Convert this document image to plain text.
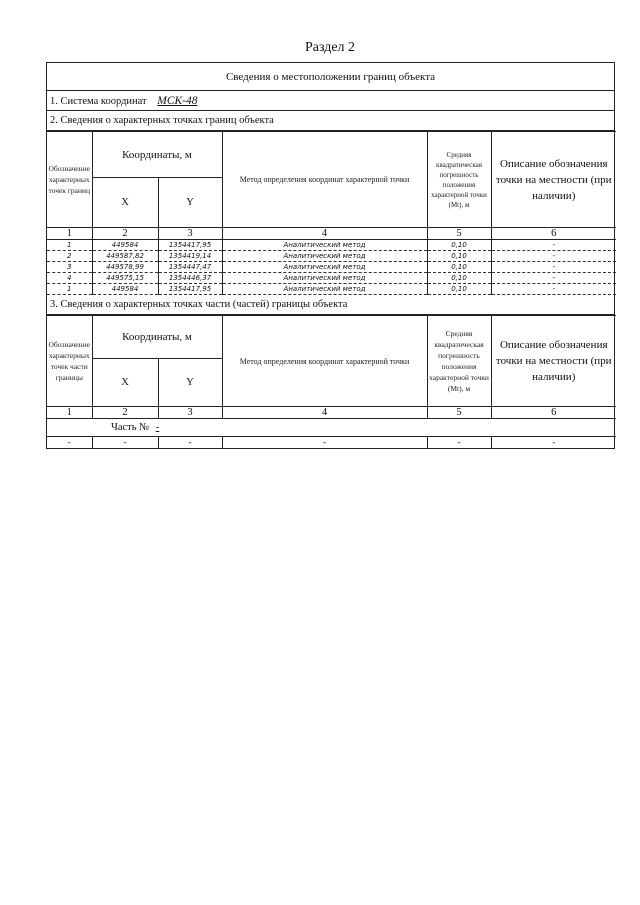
Раздел 2
Сведения о местоположении границ объекта
1. Система координат МСК-48
2. Сведения о характерных точках границ объекта
Обозначение характерных точек границ	Координаты, м		Метод определения координат характерной точки	Средняя квадратическая погрешность положения характерной точки (Mt), м	Описание обозначения точки на местности (при наличии)
	X	Y			
1	2	3	4	5	6
1	449584	1354417,95	Аналитический метод	0,10	-
2	449587,82	1354419,14	Аналитический метод	0,10	-
3	449578,99	1354447,47	Аналитический метод	0,10	-
4	449575,15	1354446,37	Аналитический метод	0,10	-
1	449584	1354417,95	Аналитический метод	0,10	-
3. Сведения о характерных точках части (частей) границы объекта
Обозначение характерных точек части границы	Координаты, м		Метод определения координат характерной точки	Средняя квадратическая погрешность положения характерной точки (Mt), м	Описание обозначения точки на местности (при наличии)
	X	Y			
1	2	3	4	5	6
Часть № -					
-	-	-	-	-	-
